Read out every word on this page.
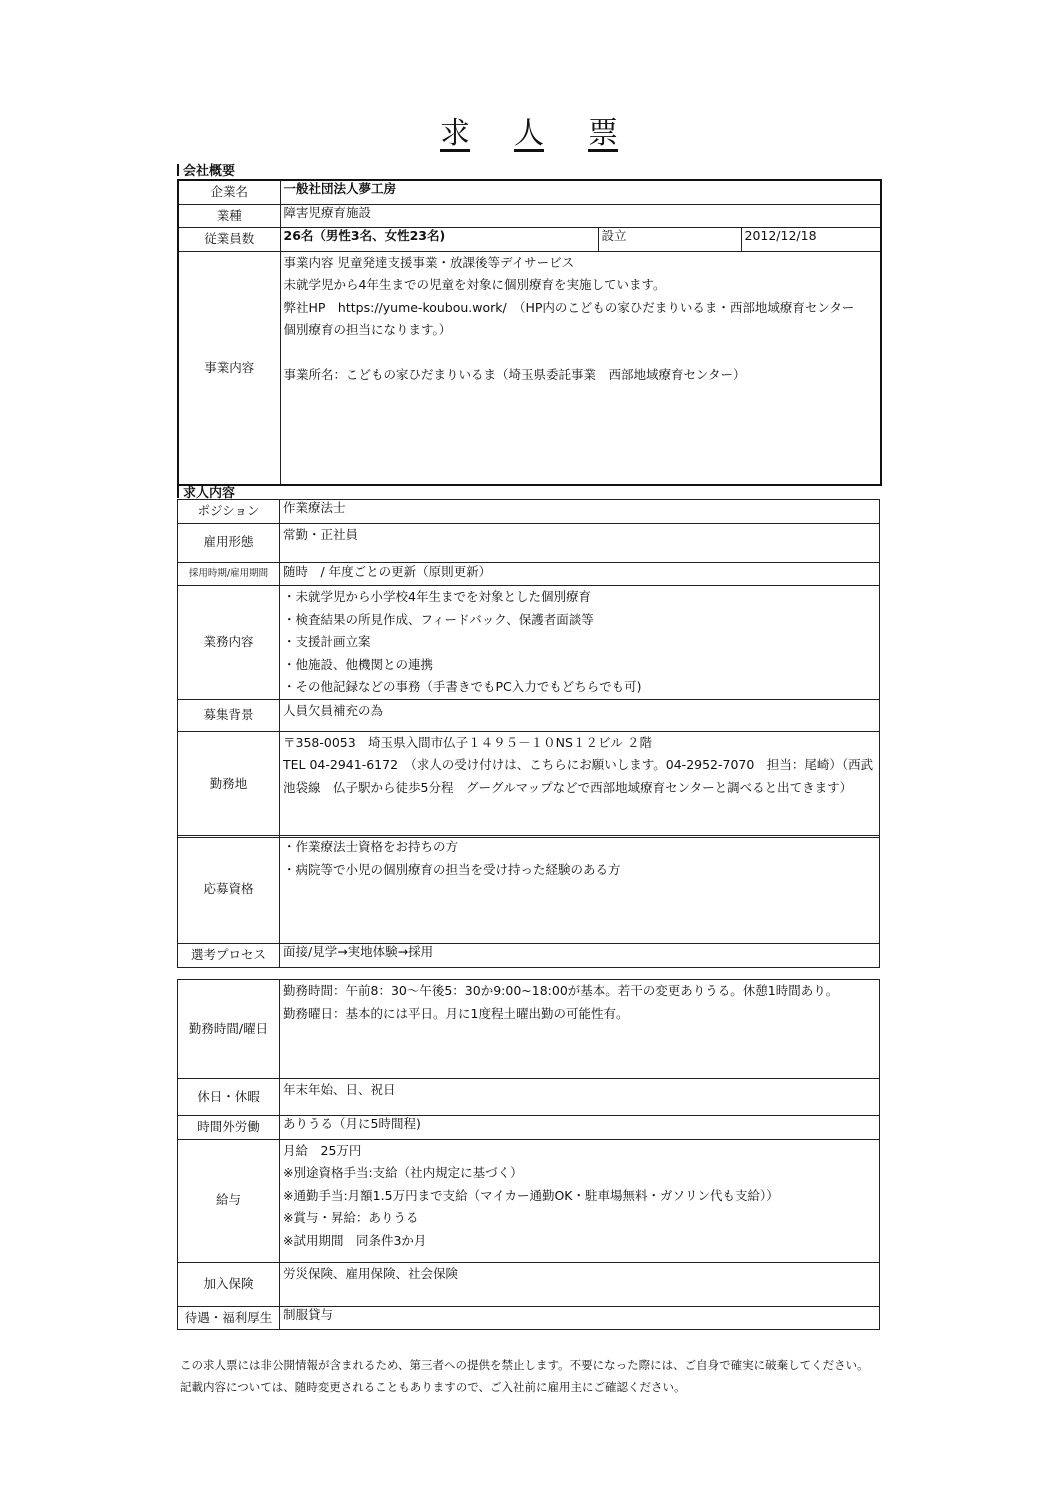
求 人 票
会社概要
企業名	一般社団法人夢工房		
業種	障害児療育施設		
従業員数	26名（男性3名、女性23名)	設立	2012/12/18
事業内容	事業内容 児童発達支援事業・放課後等デイサービス
未就学児から4年生までの児童を対象に個別療育を実施しています。
弊社HP　https://yume-koubou.work/　（HP内のこどもの家ひだまりいるま・西部地域療育センター　個別療育の担当になります。）

事業所名：こどもの家ひだまりいるま（埼玉県委託事業　西部地域療育センター）		
求人内容
ポジション	作業療法士
雇用形態	常勤・正社員
採用時期/雇用期間	随時　/ 年度ごとの更新（原則更新）
業務内容	・未就学児から小学校4年生までを対象とした個別療育
・検査結果の所見作成、フィードバック、保護者面談等
・支援計画立案
・他施設、他機関との連携
・その他記録などの事務（手書きでもPC入力でもどちらでも可)

募集背景	人員欠員補充の為
勤務地	〒358-0053　埼玉県入間市仏子１４９５－１０NS１２ビル ２階
TEL 04-2941-6172　（求人の受け付けは、こちらにお願いします。04-2952-7070　担当：尾崎）（西武池袋線　仏子駅から徒歩5分程　グーグルマップなどで西部地域療育センターと調べると出てきます）
応募資格	・作業療法士資格をお持ちの方
・病院等で小児の個別療育の担当を受け持った経験のある方

選考プロセス	面接/見学→実地体験→採用
勤務時間/曜日	勤務時間：午前8：30～午後5：30か9:00~18:00が基本。若干の変更ありうる。休憩1時間あり。
勤務曜日：基本的には平日。月に1度程土曜出勤の可能性有。

休日・休暇	年末年始、日、祝日
時間外労働	ありうる（月に5時間程)
給与	月給　25万円
※別途資格手当:支給（社内規定に基づく）
※通勤手当:月額1.5万円まで支給（マイカー通勤OK・駐車場無料・ガソリン代も支給））
※賞与・昇給：ありうる
※試用期間　同条件3か月

加入保険	労災保険、雇用保険、社会保険
待遇・福利厚生	制服貸与
この求人票には非公開情報が含まれるため、第三者への提供を禁止します。不要になった際には、ご自身で確実に破棄してください。記載内容については、随時変更されることもありますので、ご入社前に雇用主にご確認ください。
